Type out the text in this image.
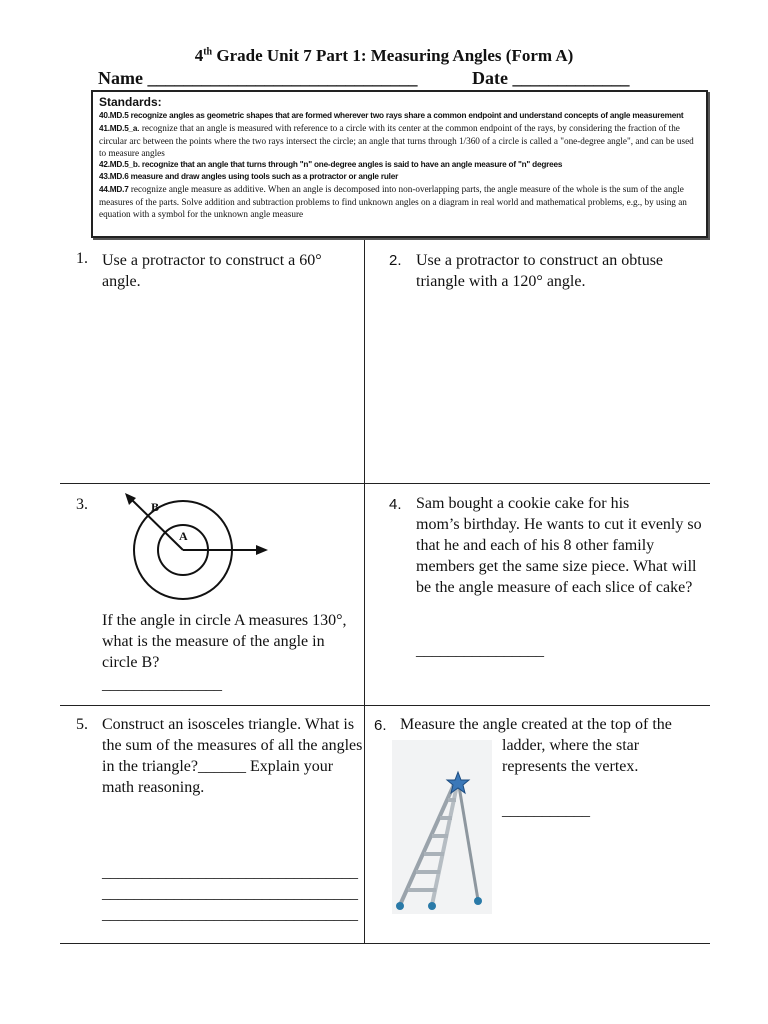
4th Grade Unit 7 Part 1: Measuring Angles (Form A)
Name ______________________________	Date _____________
Standards:
40.MD.5 recognize angles as geometric shapes that are formed wherever two rays share a common endpoint and understand concepts of angle measurement
41.MD.5_a. recognize that an angle is measured with reference to a circle with its center at the common endpoint of the rays, by considering the fraction of the circular arc between the points where the two rays intersect the circle; an angle that turns through 1/360 of a circle is called a "one-degree angle", and can be used to measure angles
42.MD.5_b. recognize that an angle that turns through "n" one-degree angles is said to have an angle measure of "n" degrees
43.MD.6 measure and draw angles using tools such as a protractor or angle ruler
44.MD.7 recognize angle measure as additive. When an angle is decomposed into non-overlapping parts, the angle measure of the whole is the sum of the angle measures of the parts. Solve addition and subtraction problems to find unknown angles on a diagram in real world and mathematical problems, e.g., by using an equation with a symbol for the unknown angle measure
1. Use a protractor to construct a 60° angle.
2. Use a protractor to construct an obtuse triangle with a 120° angle.
3.	B
A
If the angle in circle A measures 130°, what is the measure of the angle in circle B?
_______________
4. Sam bought a cookie cake for his
mom’s birthday. He wants to cut it evenly so that he and each of his 8 other family members get the same size piece. What will be the angle measure of each slice of cake?
________________
5. Construct an isosceles triangle. What is the sum of the measures of all the angles in the triangle?______ Explain your math reasoning.
________________________________
________________________________
________________________________
6. Measure the angle created at the top of the
ladder, where the star represents the vertex.
___________
